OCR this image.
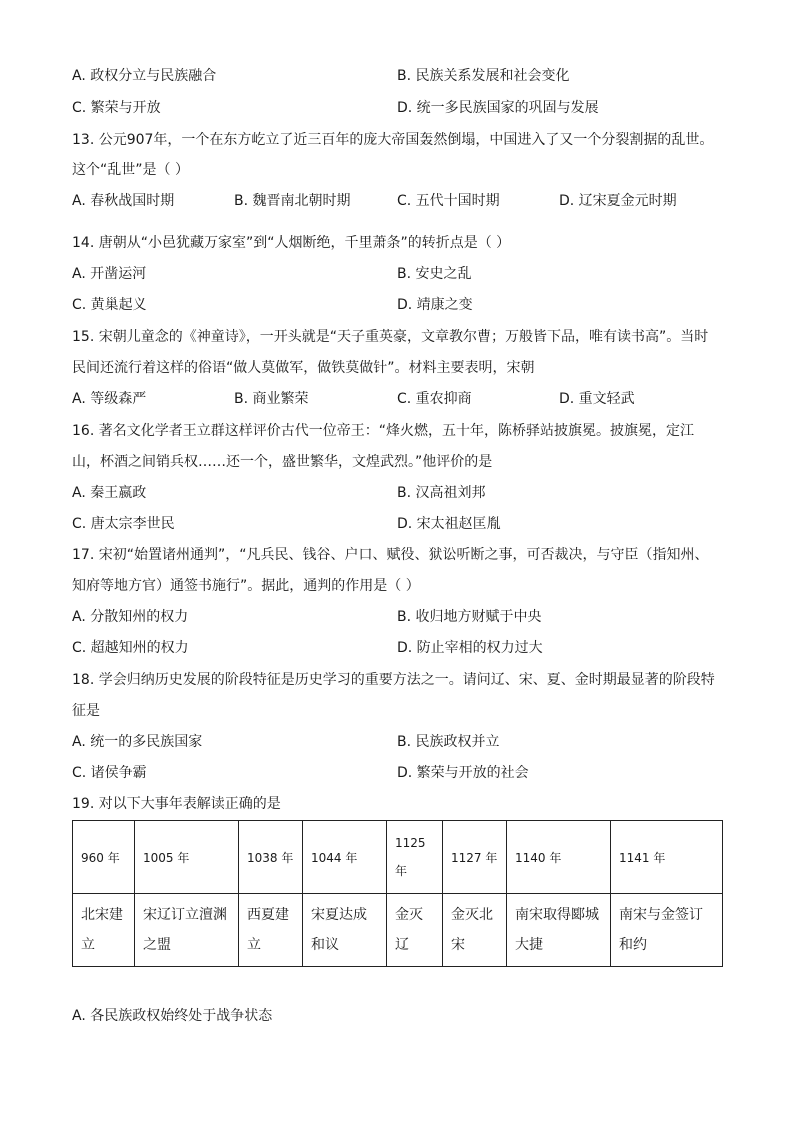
A. 政权分立与民族融合	B. 民族关系发展和社会变化
C. 繁荣与开放	D. 统一多民族国家的巩固与发展
13. 公元907年，一个在东方屹立了近三百年的庞大帝国轰然倒塌，中国进入了又一个分裂割据的乱世。
这个“乱世”是（ ）
A. 春秋战国时期	B. 魏晋南北朝时期	C. 五代十国时期	D. 辽宋夏金元时期
14. 唐朝从“小邑犹藏万家室”到“人烟断绝，千里萧条”的转折点是（ ）
A. 开凿运河	B. 安史之乱
C. 黄巢起义	D. 靖康之变
15. 宋朝儿童念的《神童诗》，一开头就是“天子重英豪，文章教尔曹；万般皆下品，唯有读书高”。当时
民间还流行着这样的俗语“做人莫做军，做铁莫做针”。材料主要表明，宋朝
A. 等级森严	B. 商业繁荣	C. 重农抑商	D. 重文轻武
16. 著名文化学者王立群这样评价古代一位帝王：“烽火燃，五十年，陈桥驿站披旗冕。披旗冕，定江
山，杯酒之间销兵权……还一个，盛世繁华，文煌武烈。”他评价的是
A. 秦王嬴政	B. 汉高祖刘邦
C. 唐太宗李世民	D. 宋太祖赵匡胤
17. 宋初“始置诸州通判”，“凡兵民、钱谷、户口、赋役、狱讼听断之事，可否裁决，与守臣（指知州、
知府等地方官）通签书施行”。据此，通判的作用是（ ）
A. 分散知州的权力	B. 收归地方财赋于中央
C. 超越知州的权力	D. 防止宰相的权力过大
18. 学会归纳历史发展的阶段特征是历史学习的重要方法之一。请问辽、宋、夏、金时期最显著的阶段特
征是
A. 统一的多民族国家	B. 民族政权并立
C. 诸侯争霸	D. 繁荣与开放的社会
19. 对以下大事年表解读正确的是
960 年	1005 年	1038 年	1044 年	1125 年	1127 年	1140 年	1141 年
北宋建立	宋辽订立澶渊之盟	西夏建立	宋夏达成和议	金灭辽	金灭北宋	南宋取得郾城大捷	南宋与金签订和约
A. 各民族政权始终处于战争状态
